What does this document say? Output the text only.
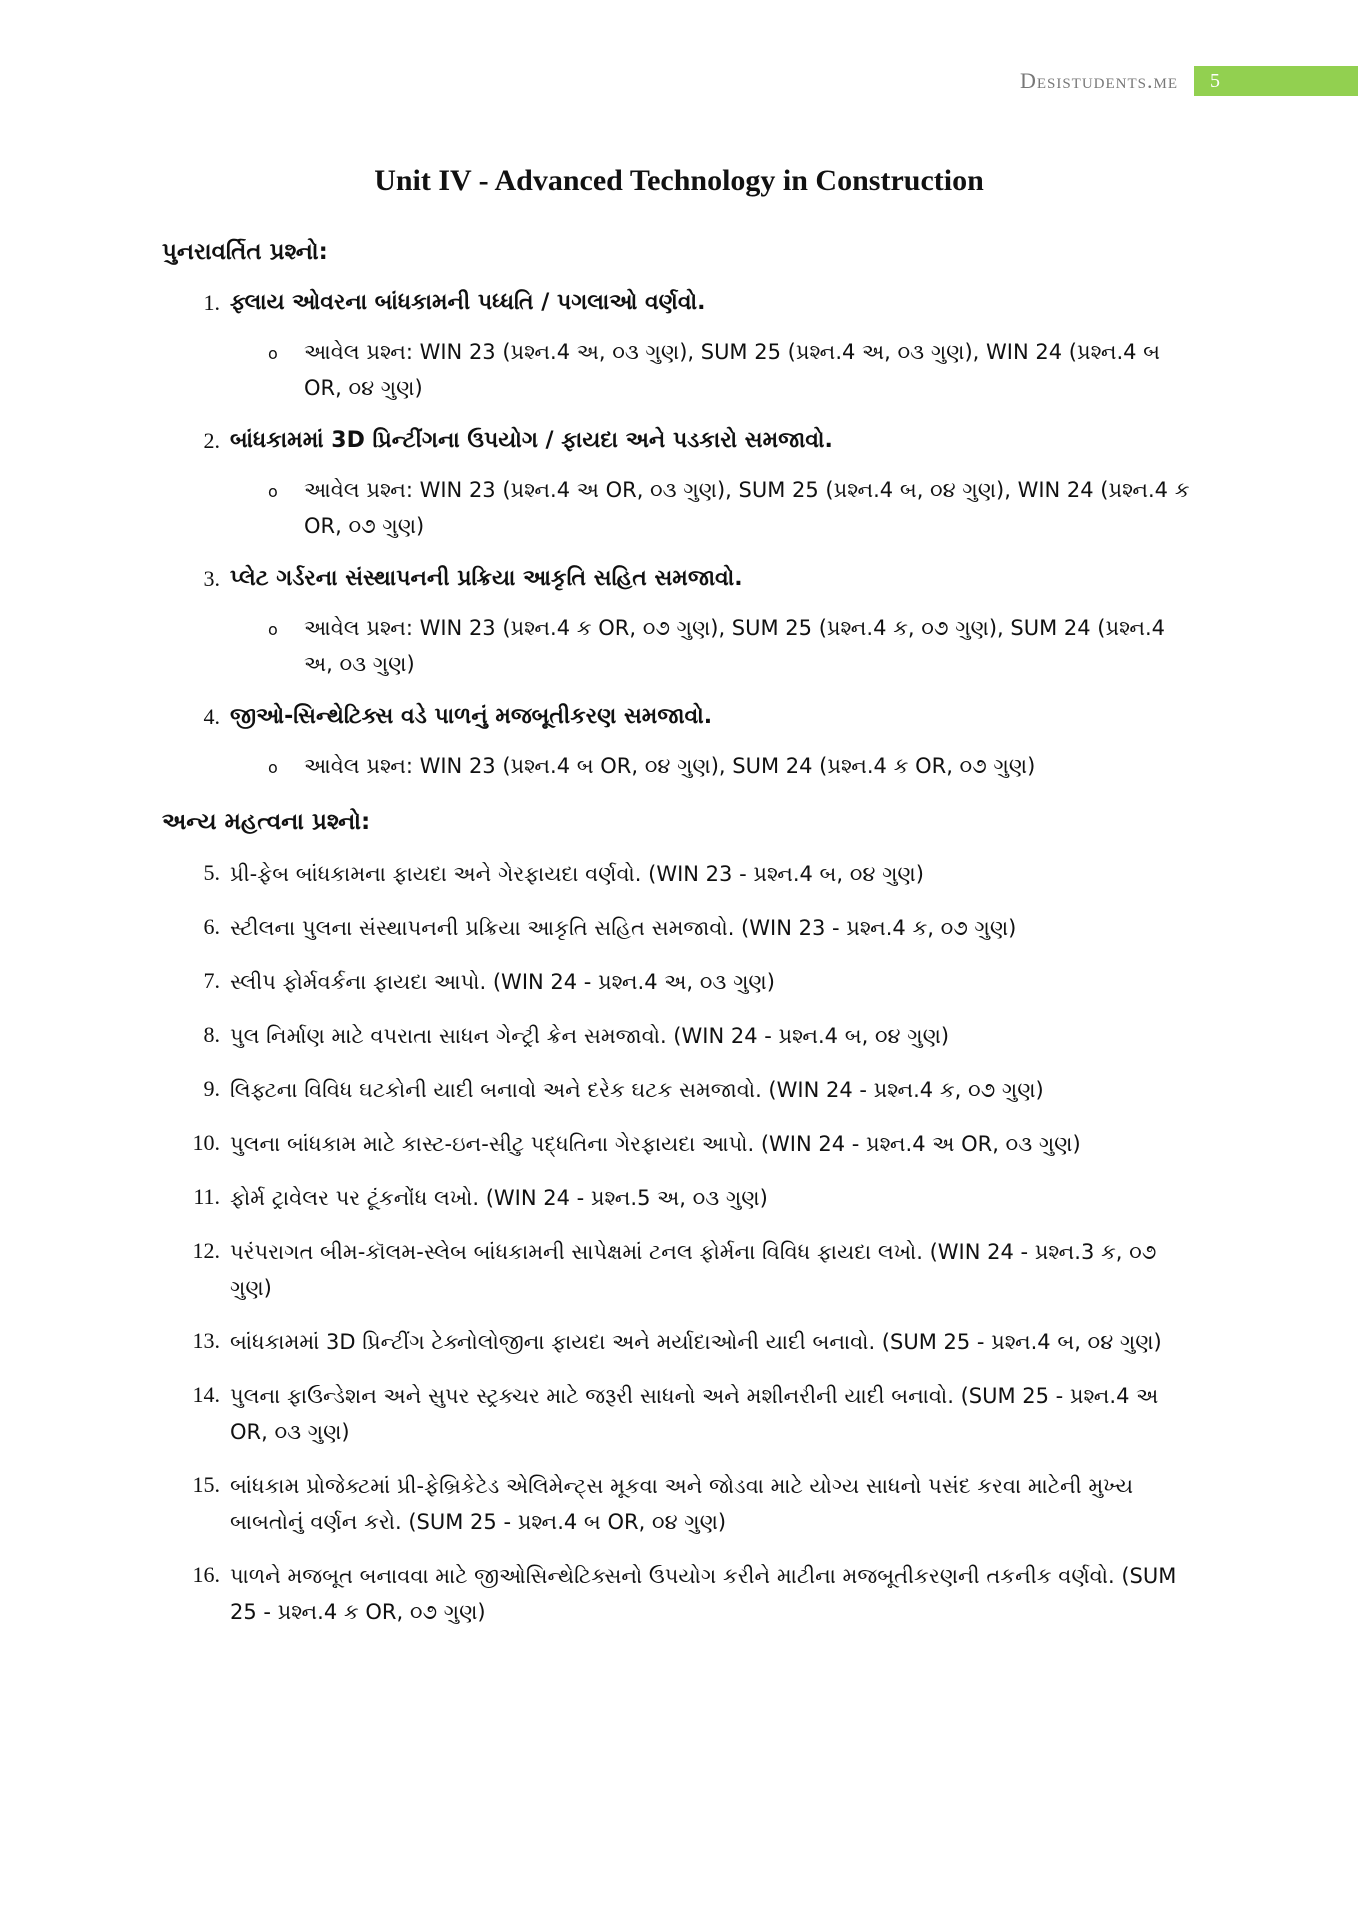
Desistudents.me	5
Unit IV - Advanced Technology in Construction
પુનરાવર્તિત પ્રશ્નો:
1. ફ્લાય ઓવરના બાંધકામની પધ્ધતિ / પગલાઓ વર્ણવો.
o	આવેલ પ્રશ્ન: WIN 23 (પ્રશ્ન.4 અ, ૦૩ ગુણ), SUM 25 (પ્રશ્ન.4 અ, ૦૩ ગુણ), WIN 24 (પ્રશ્ન.4 બ OR, ૦૪ ગુણ)
2. બાંધકામમાં 3D પ્રિન્ટીંગના ઉપયોગ / ફાયદા અને પડકારો સમજાવો.
o	આવેલ પ્રશ્ન: WIN 23 (પ્રશ્ન.4 અ OR, ૦૩ ગુણ), SUM 25 (પ્રશ્ન.4 બ, ૦૪ ગુણ), WIN 24 (પ્રશ્ન.4 ક OR, ૦૭ ગુણ)
3. પ્લેટ ગર્ડરના સંસ્થાપનની પ્રક્રિયા આકૃતિ સહિત સમજાવો.
o	આવેલ પ્રશ્ન: WIN 23 (પ્રશ્ન.4 ક OR, ૦૭ ગુણ), SUM 25 (પ્રશ્ન.4 ક, ૦૭ ગુણ), SUM 24 (પ્રશ્ન.4 અ, ૦૩ ગુણ)
4. જીઓ-સિન્થેટિક્સ વડે પાળનું મજબૂતીકરણ સમજાવો.
o	આવેલ પ્રશ્ન: WIN 23 (પ્રશ્ન.4 બ OR, ૦૪ ગુણ), SUM 24 (પ્રશ્ન.4 ક OR, ૦૭ ગુણ)
અન્ય મહત્વના પ્રશ્નો:
5. પ્રી-ફેબ બાંધકામના ફાયદા અને ગેરફાયદા વર્ણવો. (WIN 23 - પ્રશ્ન.4 બ, ૦૪ ગુણ)
6. સ્ટીલના પુલના સંસ્થાપનની પ્રક્રિયા આકૃતિ સહિત સમજાવો. (WIN 23 - પ્રશ્ન.4 ક, ૦૭ ગુણ)
7. સ્લીપ ફોર્મવર્કના ફાયદા આપો. (WIN 24 - પ્રશ્ન.4 અ, ૦૩ ગુણ)
8. પુલ નિર્માણ માટે વપરાતા સાધન ગેન્ટ્રી ક્રેન સમજાવો. (WIN 24 - પ્રશ્ન.4 બ, ૦૪ ગુણ)
9. લિફ્ટના વિવિધ ઘટકોની યાદી બનાવો અને દરેક ઘટક સમજાવો. (WIN 24 - પ્રશ્ન.4 ક, ૦૭ ગુણ)
10. પુલના બાંધકામ માટે કાસ્ટ-ઇન-સીટુ પદ્ધતિના ગેરફાયદા આપો. (WIN 24 - પ્રશ્ન.4 અ OR, ૦૩ ગુણ)
11. ફોર્મ ટ્રાવેલર પર ટૂંકનોંધ લખો. (WIN 24 - પ્રશ્ન.5 અ, ૦૩ ગુણ)
12. પરંપરાગત બીમ-કૉલમ-સ્લેબ બાંધકામની સાપેક્ષમાં ટનલ ફોર્મના વિવિધ ફાયદા લખો. (WIN 24 - પ્રશ્ન.3 ક, ૦૭ ગુણ)
13. બાંધકામમાં 3D પ્રિન્ટીંગ ટેક્નોલોજીના ફાયદા અને મર્યાદાઓની યાદી બનાવો. (SUM 25 - પ્રશ્ન.4 બ, ૦૪ ગુણ)
14. પુલના ફાઉન્ડેશન અને સુપર સ્ટ્રક્ચર માટે જરૂરી સાધનો અને મશીનરીની યાદી બનાવો. (SUM 25 - પ્રશ્ન.4 અ OR, ૦૩ ગુણ)
15. બાંધકામ પ્રોજેક્ટમાં પ્રી-ફેબ્રિકેટેડ એલિમેન્ટ્સ મૂકવા અને જોડવા માટે યોગ્ય સાધનો પસંદ કરવા માટેની મુખ્ય બાબતોનું વર્ણન કરો. (SUM 25 - પ્રશ્ન.4 બ OR, ૦૪ ગુણ)
16. પાળને મજબૂત બનાવવા માટે જીઓસિન્થેટિક્સનો ઉપયોગ કરીને માટીના મજબૂતીકરણની તકનીક વર્ણવો. (SUM 25 - પ્રશ્ન.4 ક OR, ૦૭ ગુણ)
